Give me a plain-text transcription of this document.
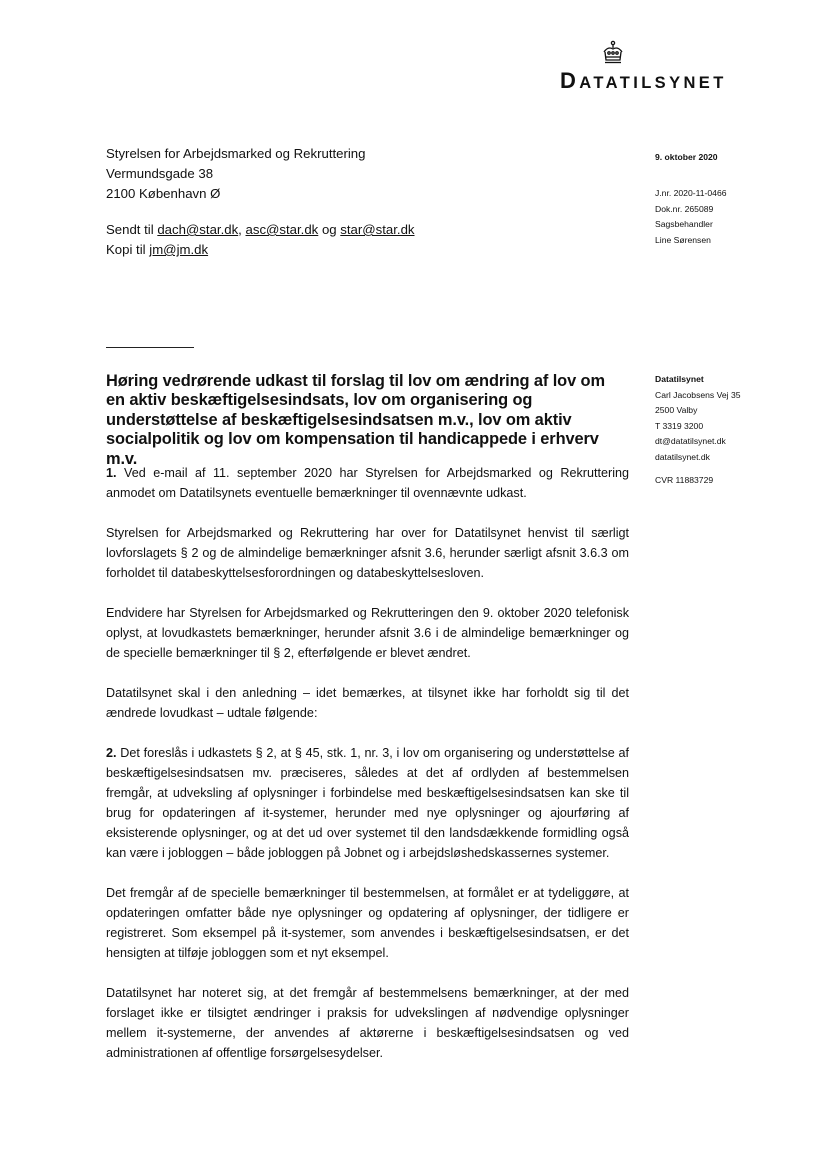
DATATILSYNET
Styrelsen for Arbejdsmarked og Rekruttering
Vermundsgade 38
2100 København Ø
Sendt til dach@star.dk, asc@star.dk og star@star.dk
Kopi til jm@jm.dk
9. oktober 2020
J.nr. 2020-11-0466
Dok.nr. 265089
Sagsbehandler
Line Sørensen
Datatilsynet
Carl Jacobsens Vej 35
2500 Valby
T 3319 3200
dt@datatilsynet.dk
datatilsynet.dk
CVR 11883729
Høring vedrørende udkast til forslag til lov om ændring af lov om en aktiv beskæftigelsesindsats, lov om organisering og understøttelse af beskæftigelsesindsatsen m.v., lov om aktiv socialpolitik og lov om kompensation til handicappede i erhverv m.v.

1. Ved e-mail af 11. september 2020 har Styrelsen for Arbejdsmarked og Rekruttering anmodet om Datatilsynets eventuelle bemærkninger til ovennævnte udkast.

Styrelsen for Arbejdsmarked og Rekruttering har over for Datatilsynet henvist til særligt lovforslagets § 2 og de almindelige bemærkninger afsnit 3.6, herunder særligt afsnit 3.6.3 om forholdet til databeskyttelsesforordningen og databeskyttelsesloven.

Endvidere har Styrelsen for Arbejdsmarked og Rekrutteringen den 9. oktober 2020 telefonisk oplyst, at lovudkastets bemærkninger, herunder afsnit 3.6 i de almindelige bemærkninger og de specielle bemærkninger til § 2, efterfølgende er blevet ændret.

Datatilsynet skal i den anledning – idet bemærkes, at tilsynet ikke har forholdt sig til det ændrede lovudkast – udtale følgende:

2. Det foreslås i udkastets § 2, at § 45, stk. 1, nr. 3, i lov om organisering og understøttelse af beskæftigelsesindsatsen mv. præciseres, således at det af ordlyden af bestemmelsen fremgår, at udveksling af oplysninger i forbindelse med beskæftigelsesindsatsen kan ske til brug for opdateringen af it-systemer, herunder med nye oplysninger og ajourføring af eksisterende oplysninger, og at det ud over systemet til den landsdækkende formidling også kan være i jobloggen – både jobloggen på Jobnet og i arbejdsløshedskassernes systemer.

Det fremgår af de specielle bemærkninger til bestemmelsen, at formålet er at tydeliggøre, at opdateringen omfatter både nye oplysninger og opdatering af oplysninger, der tidligere er registreret. Som eksempel på it-systemer, som anvendes i beskæftigelsesindsatsen, er det hensigten at tilføje jobloggen som et nyt eksempel.

Datatilsynet har noteret sig, at det fremgår af bestemmelsens bemærkninger, at der med forslaget ikke er tilsigtet ændringer i praksis for udvekslingen af nødvendige oplysninger mellem it-systemerne, der anvendes af aktørerne i beskæftigelsesindsatsen og ved administrationen af offentlige forsørgelsesydelser.
